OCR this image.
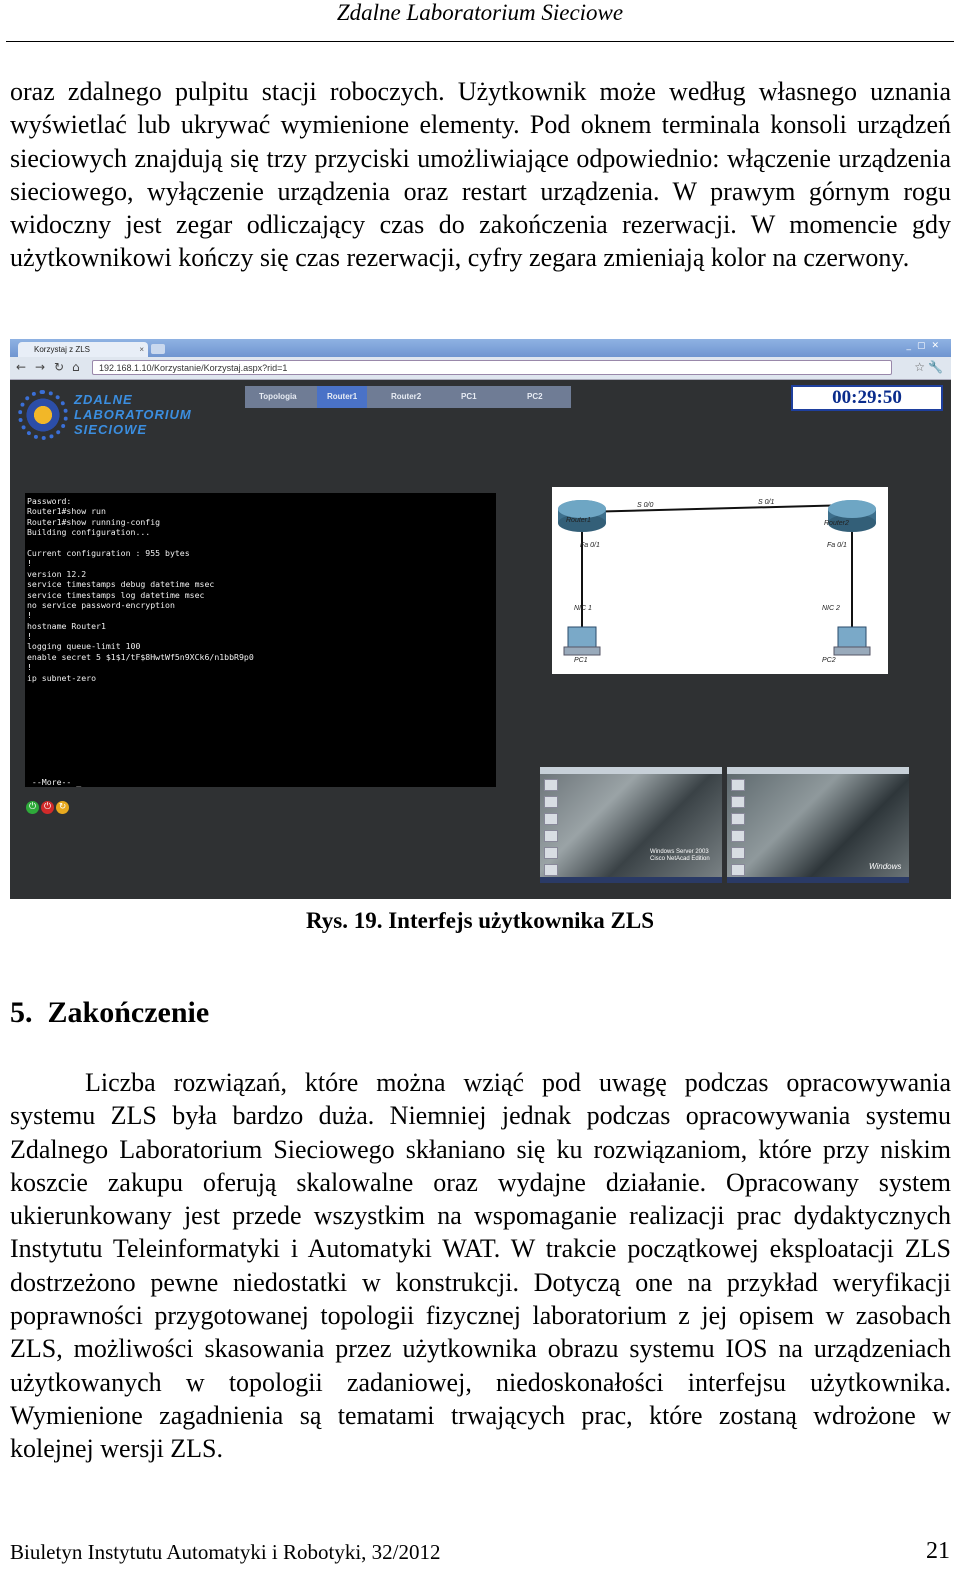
Zdalne Laboratorium Sieciowe

oraz zdalnego pulpitu stacji roboczych. Użytkownik może według własnego uznania wyświetlać lub ukrywać wymienione elementy. Pod oknem terminala konsoli urządzeń sieciowych znajdują się trzy przyciski umożliwiające odpowiednio: włączenie urządzenia sieciowego, wyłączenie urządzenia oraz restart urządzenia. W prawym górnym rogu widoczny jest zegar odliczający czas do zakończenia rezerwacji. W momencie gdy użytkownikowi kończy się czas rezerwacji, cyfry zegara zmieniają kolor na czerwony.

Korzystaj z ZLS	×	_▢✕
← → ↻ ⌂	192.168.1.10/Korzystanie/Korzystaj.aspx?rid=1	☆ 🔧
ZDALNE
LABORATORIUM
SIECIOWE
Topologia	Router1	Router2	PC1	PC2	00:29:50
Password:
Router1#show run
Router1#show running-config
Building configuration...
Current configuration : 955 bytes
!
version 12.2
service timestamps debug datetime msec
service timestamps log datetime msec
no service password-encryption
!
hostname Router1
!
logging queue-limit 100
enable secret 5 $1$1/tF$8HwtWf5n9XCk6/n1bbR9p0
!
ip subnet-zero
--More-- _
⏻ ⏻ ↻
Router1	Router2
S 0/0	S 0/1
Fa 0/1	Fa 0/1
NIC 1	NIC 2
PC1	PC2
Windows Server 2003
Cisco NetAcad Edition
Windows
Rys. 19. Interfejs użytkownika ZLS
5. Zakończenie

Liczba rozwiązań, które można wziąć pod uwagę podczas opracowywania systemu ZLS była bardzo duża. Niemniej jednak podczas opracowywania systemu Zdalnego Laboratorium Sieciowego skłaniano się ku rozwiązaniom, które przy niskim koszcie zakupu oferują skalowalne oraz wydajne działanie. Opracowany system ukierunkowany jest przede wszystkim na wspomaganie realizacji prac dydaktycznych Instytutu Teleinformatyki i Automatyki WAT. W trakcie początkowej eksploatacji ZLS dostrzeżono pewne niedostatki w konstrukcji. Dotyczą one na przykład weryfikacji poprawności przygotowanej topologii fizycznej laboratorium z jej opisem w zasobach ZLS, możliwości skasowania przez użytkownika obrazu systemu IOS na urządzeniach użytkowanych w topologii zadaniowej, niedoskonałości interfejsu użytkownika. Wymienione zagadnienia są tematami trwających prac, które zostaną wdrożone w kolejnej wersji ZLS.

Biuletyn Instytutu Automatyki i Robotyki, 32/2012	21
